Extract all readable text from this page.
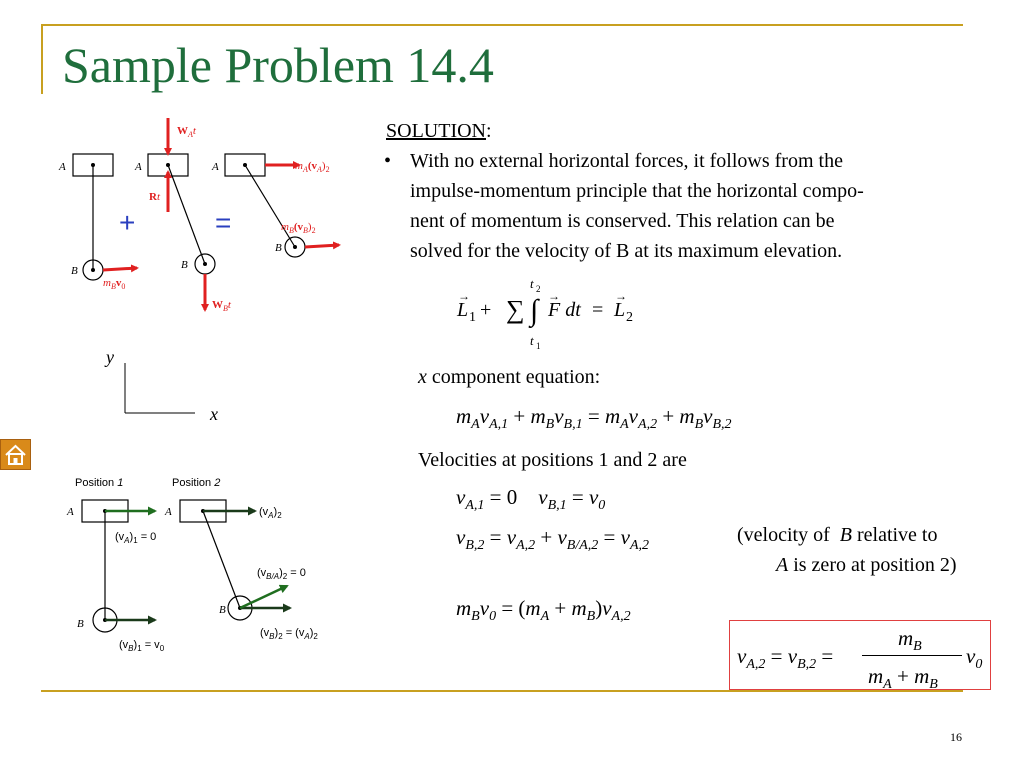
Sample Problem 14.4
A	A	A
B	B
B
+	=
$W_At$
Rt
$W_Bt$
$m_Bv_0$
$m_A(v_A)_2$
$m_B(v_B)_2$
y
x
Position 1	Position 2
A	A
B
B
$(v_A)_1 = 0$
$(v_A)_2$
$(v_{B/A})_2 = 0$
$(v_B)_1 = v_0$
$(v_B)_2 = (v_A)_2$
SOLUTION:
• With no external horizontal forces, it follows from the
impulse-momentum principle that the horizontal compo-
nent of momentum is conserved. This relation can be
solved for the velocity of B at its maximum elevation.
L
→
1 + ∑
t 2
∫
t 1
F dt
→
= L
→
2
x component equation:
$m_Av_{A,1} + m_Bv_{B,1} = m_Av_{A,2} + m_Bv_{B,2}$
Velocities at positions 1 and 2 are
$v_{A,1} = 0$    $v_{B,1} = v_0$
$v_{B,2} = v_{A,2} + v_{B/A,2} = v_{A,2}$	(velocity of  B relative to
A is zero at position 2)
$m_Bv_0 = (m_A + m_B)v_{A,2}$
$v_{A,2} = v_{B,2}$ =
$m_B$
$m_A + m_B$
$v_0$
16
